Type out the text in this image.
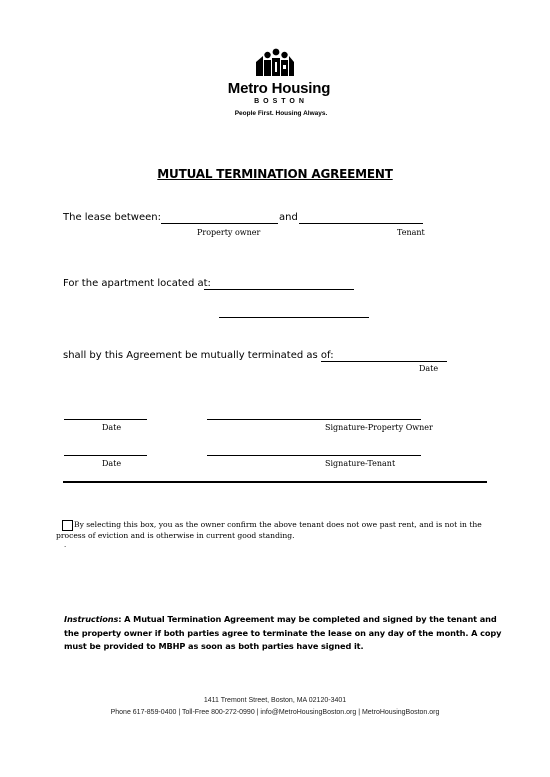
Metro Housing
BOSTON
People First. Housing Always.
MUTUAL TERMINATION AGREEMENT
The lease between:	and
Property owner	Tenant
For the apartment located at:
shall by this Agreement be mutually terminated as of:
Date
Date	Signature-Property Owner
Date	Signature-Tenant
By selecting this box, you as the owner confirm the above tenant does not owe past rent, and is not in the process of eviction and is otherwise in current good standing.
.
Instructions: A Mutual Termination Agreement may be completed and signed by the tenant and the property owner if both parties agree to terminate the lease on any day of the month. A copy must be provided to MBHP as soon as both parties have signed it.
1411 Tremont Street, Boston, MA 02120-3401
Phone 617-859-0400 | Toll-Free 800-272-0990 | info@MetroHousingBoston.org | MetroHousingBoston.org
